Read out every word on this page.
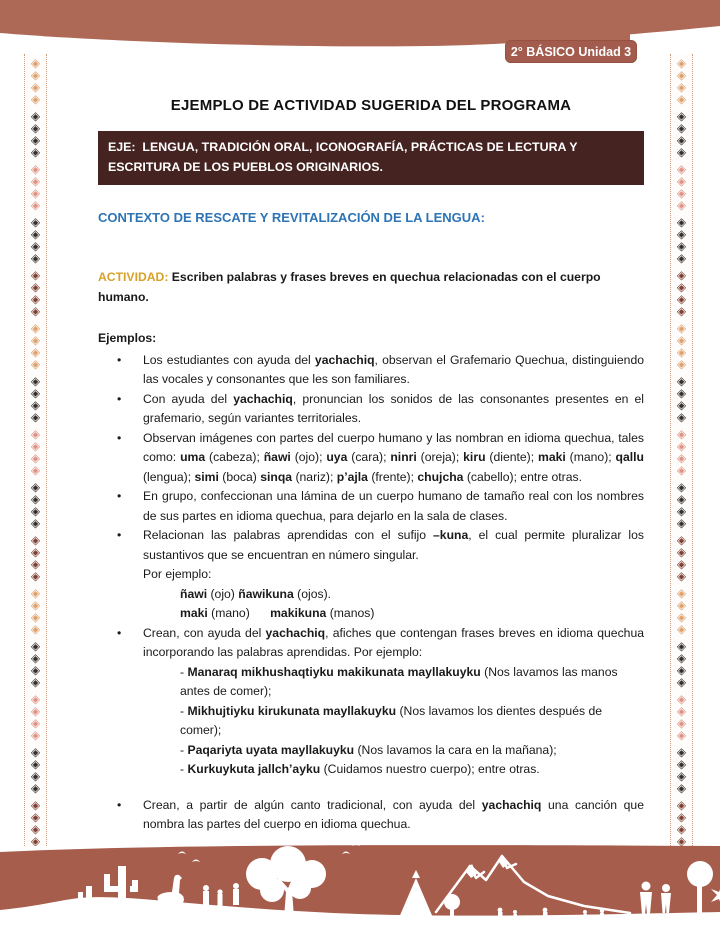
2° BÁSICO Unidad 3
◈ ◈ ◈ ◈
◈ ◈ ◈ ◈
◈ ◈ ◈ ◈
◈ ◈ ◈ ◈
◈ ◈ ◈ ◈
◈ ◈ ◈ ◈
◈ ◈ ◈ ◈
◈ ◈ ◈ ◈
◈ ◈ ◈ ◈
◈ ◈ ◈ ◈
◈ ◈ ◈ ◈
◈ ◈ ◈ ◈
◈ ◈ ◈ ◈
◈ ◈ ◈ ◈
◈ ◈ ◈ ◈
◈ ◈ ◈ ◈
◈ ◈ ◈ ◈
◈ ◈ ◈ ◈
◈ ◈ ◈ ◈
◈ ◈ ◈ ◈
◈ ◈ ◈ ◈
◈ ◈ ◈ ◈
◈ ◈ ◈ ◈
◈ ◈ ◈ ◈
◈ ◈ ◈ ◈
◈ ◈ ◈ ◈
◈ ◈ ◈ ◈
◈ ◈ ◈ ◈
◈ ◈ ◈ ◈
◈ ◈ ◈ ◈
EJEMPLO DE ACTIVIDAD SUGERIDA DEL PROGRAMA
EJE:  LENGUA, TRADICIÓN ORAL, ICONOGRAFÍA, PRÁCTICAS DE LECTURA Y ESCRITURA DE LOS PUEBLOS ORIGINARIOS.
CONTEXTO DE RESCATE Y REVITALIZACIÓN DE LA LENGUA:
ACTIVIDAD: Escriben palabras y frases breves en quechua relacionadas con el cuerpo humano.
Ejemplos:
•	Los estudiantes con ayuda del yachachiq, observan el Grafemario Quechua, distinguiendo las vocales y consonantes que les son familiares.
•	Con ayuda del yachachiq, pronuncian los sonidos de las consonantes presentes en el grafemario, según variantes territoriales.
•	Observan imágenes con partes del cuerpo humano y las nombran en idioma quechua, tales como: uma (cabeza); ñawi (ojo); uya (cara); ninri (oreja); kiru (diente); maki (mano); qallu (lengua); simi (boca) sinqa (nariz); p’ajla (frente); chujcha (cabello); entre otras.
•	En grupo, confeccionan una lámina de un cuerpo humano de tamaño real con los nombres de sus partes en idioma quechua, para dejarlo en la sala de clases.
•	Relacionan las palabras aprendidas con el sufijo –kuna, el cual permite pluralizar los sustantivos que se encuentran en número singular.
Por ejemplo:
ñawi (ojo) ñawikuna (ojos).
maki (mano)      makikuna (manos)
•	Crean, con ayuda del yachachiq, afiches que contengan frases breves en idioma quechua incorporando las palabras aprendidas. Por ejemplo:
- Manaraq mikhushaqtiyku makikunata mayllakuyku (Nos lavamos las manos antes de comer);
- Mikhujtiyku kirukunata mayllakuyku (Nos lavamos los dientes después de comer);
- Paqariyta uyata mayllakuyku (Nos lavamos la cara en la mañana);
- Kurkuykuta jallch’ayku (Cuidamos nuestro cuerpo); entre otras.
•	Crean, a partir de algún canto tradicional, con ayuda del yachachiq una canción que nombra las partes del cuerpo en idioma quechua.
